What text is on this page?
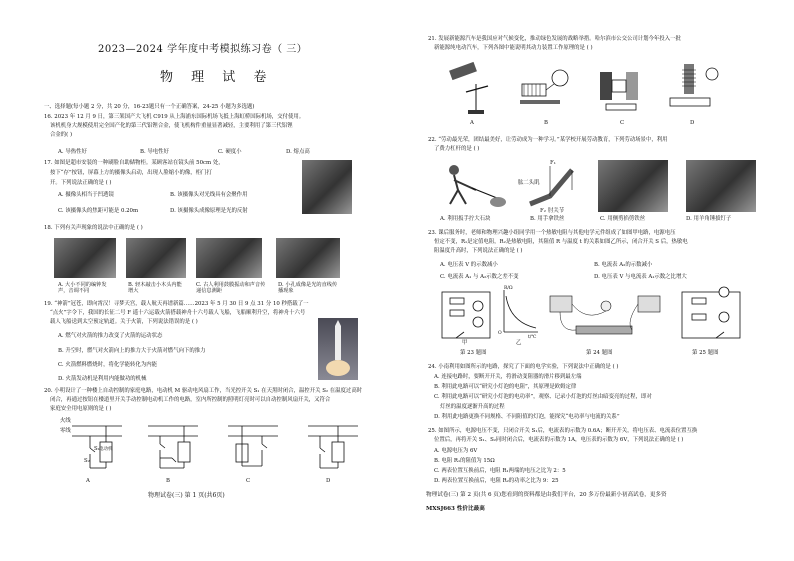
2023—2024 学年度中考模拟练习卷（ 三）
物 理 试 卷
一、选择题(每小题 2 分，共 20 分，16-23题只有一个正确答案，24-25 小题为多选题)
16. 2023 年 12 月 9 日，第三架国产大飞机 C919 从上海浦东国际机场飞抵上海虹桥国际机场，交付使用。
该机机身大规模使用完全国产化的第三代铝锂合金，使飞机构件重量显著减轻，主要利用了第三代铝锂
合金的( )
A. 导热性好	B. 导电性好	C. 硬度小	D. 熔点高
17. 如图是超市安装的一种刷脸自助储物柜。某顾客站在镜头前 50cm 处，
按下“存”按钮，屏幕上方的摄像头启动，出现人脸缩小的像，柜门打
开。下列说法正确的是 ( )
A. 摄像头相当于凹透镜	B. 该摄像头对光线具有会聚作用
C. 该摄像头的焦距可能是 0.20m	D. 该摄像头成像原理是光的反射
18. 下列有关声现象的说法中正确的是 ( )
A. 大小不同的编钟发声，音调不同
B. 轻木敲击小木头内能增大
C. 古人利用鼓膜振动和声音传递信息测距
D. 小孔成像是光的直线传播现象
19. “神箭”冠苍，即向霄汉！寻梦天宫，载人航天再谱新篇……2023 年 5 月 30 日 9 点 31 分 10 秒搭载了一
“点火”字令下，我国的长征二号 F 遥十六运载火箭搭载神舟十六号载人飞船，飞船顺利升空，将神舟十六号
载人飞船送到太空预定轨道。关于火箭，下列说法错误的是 ( )
A. 燃气对火箭的推力改变了火箭的运动状态
B. 升空时，燃气对火箭向上的推力大于火箭对燃气向下的推力
C. 火箭燃料燃烧时，将化学能转化为内能
D. 火箭发动机是利用内能做功的机械
20. 小明设计了一种楼上自动控制的家庭电路，电动机 M 驱动电风扇工作，当光控开关 S₁ 在天黑时闭合，温控开关 S₂ 在温度过高时
闭合，再通过按钮在楼道里开关手动控制电动机工作的电路，室内所控制的照明灯亮时可以自动控制风扇开关，又符合
家庭安全用电原则的是 ( )
火线
零线
电动机
S₁
S₂
A	B	C	D
物理试卷(三) 第 1 页(共6页)
21. 发展新能源汽车是我国应对气候变化，推动绿色发展的战略举措。哈尔滨市公交公司计划今年投入一批
新能源纯电动汽车，下列各图中能说明其动力装置工作原理的是 ( )
A	B	C	D
22. “劳动最光荣，团结最美好，让劳动成为一种学习。”某学校开展劳动教育，下列劳动场景中，利用
了费力杠杆的是 ( )
F₁
F₂
肱二头肌
肘关节
A. 利用扳手拧大石块	B. 用手拿铁丝	C. 用侧剪掐剪铁丝	D. 用羊角锤拔钉子
23. 课后服务时，老师和物理兴趣小组同学用一个热敏电阻与其他电学元件组成了如图甲电路，电源电压
恒定不变，R₁是定值电阻，R₂是热敏电阻，其阻值 R 与温度 t 的关系如图乙所示，闭合开关 S 后，热敏电
阻温度升高时，下列说法正确的是 ( )
A. 电压表 V 的示数减小	B. 电流表 A₂的示数减小
C. 电流表 A₁ 与 A₂示数之差不变	D. 电压表 V 与电流表 A₁示数之比增大
R/Ω
t/℃
O
甲	乙
第 23 题图	第 24 题图	第 25 题图
24. 小南利用如图所示的电路，探究了下面的电学实验，下列说法中正确的是 ( )
A. 连接电路时，要断开开关，将滑动变阻器的滑片移到最左端
B. 利用此电路可以“研究小灯泡的电阻”，其原理是欧姆定律
C. 利用此电路可以“研究小灯泡的电功率”，观察、记录小灯泡的灯丝由暗变亮的过程，即对
灯丝的温度逐渐升高的过程
D. 利用此电路更换不同规格、不同阻值的灯泡，能探究“电功率与电流的关系”
25. 如图所示，电源电压不变，只闭合开关 S₁后，电流表的示数为 0.6A；断开开关，将电压表、电流表位置互换
位置后，再将开关 S₁、S₂同时闭合后，电流表的示数为 1A，电压表的示数为 6V，下列说法正确的是 ( )
A. 电源电压为 6V
B. 电阻 R₁的阻值为 15Ω
C. 两表位置互换前后，电阻 R₁两端的电压之比为 2：5
D. 两表位置互换前后，电阻 R₂的功率之比为 9：25
物理试卷(三) 第 2 页(共 6 页)您看到的资料都是由我们平台，20 多万份最新小初高试卷，更多资
MXSJ663 性价比最高
